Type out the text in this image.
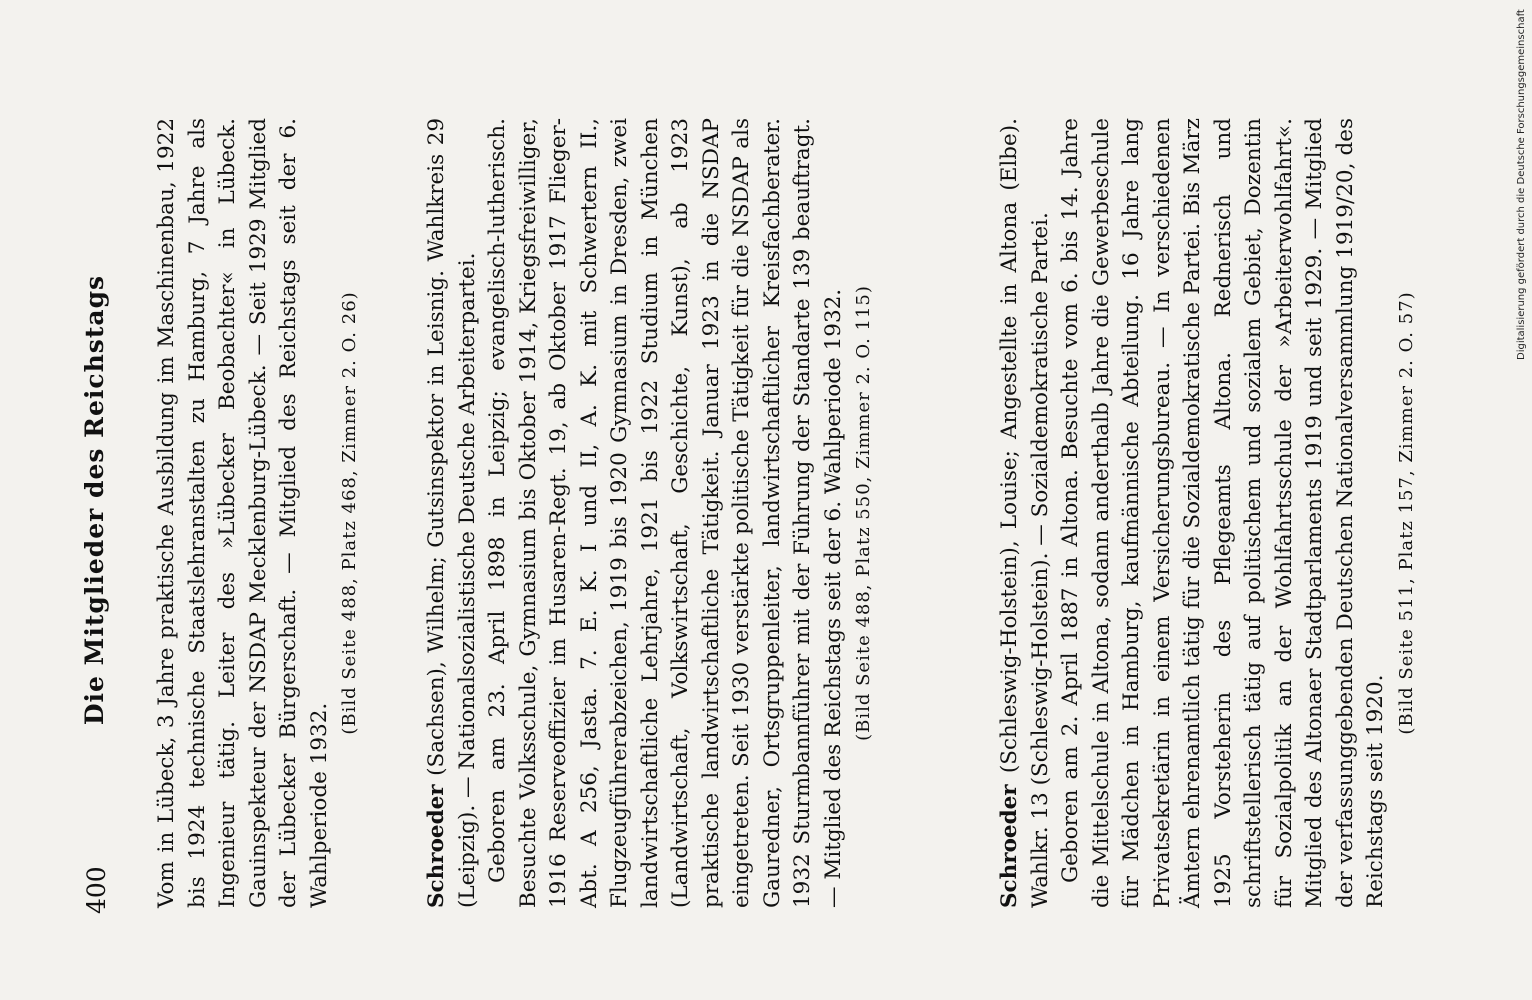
400
Die Mitglieder des Reichstags Vom in Lübeck, 3 Jahre praktische Ausbildung im Maschinenbau, 1922 bis 1924 technische Staatslehranstalten zu Hamburg, 7 Jahre als Ingenieur tätig. Leiter des »Lübecker Beobachter« in Lübeck. Gauinspekteur der NSDAP Mecklenburg-Lübeck. — Seit 1929 Mitglied der Lübecker Bürgerschaft. — Mitglied des Reichstags seit der 6. Wahlperiode 1932.

(Bild Seite 488, Platz 468, Zimmer 2. O. 26)

Schroeder (Sachsen), Wilhelm; Gutsinspektor in Leisnig. Wahlkreis 29 (Leipzig). — Nationalsozialistische Deutsche Arbeiterpartei. Geboren am 23. April 1898 in Leipzig; evangelisch-lutherisch. Besuchte Volksschule, Gymnasium bis Oktober 1914, Kriegsfreiwilliger, 1916 Reserveoffizier im Husaren-Regt. 19, ab Oktober 1917 Flieger-Abt. A 256, Jasta. 7. E. K. I und II, A. K. mit Schwertern II., Flugzeugführerabzeichen, 1919 bis 1920 Gymnasium in Dresden, zwei landwirtschaftliche Lehrjahre, 1921 bis 1922 Studium in München (Landwirtschaft, Volkswirtschaft, Geschichte, Kunst), ab 1923 praktische landwirtschaftliche Tätigkeit. Januar 1923 in die NSDAP eingetreten. Seit 1930 verstärkte politische Tätigkeit für die NSDAP als Gauredner, Ortsgruppenleiter, landwirtschaftlicher Kreisfachberater. 1932 Sturmbannführer mit der Führung der Standarte 139 beauftragt. — Mitglied des Reichstags seit der 6. Wahlperiode 1932. (Bild Seite 488, Platz 550, Zimmer 2. O. 115)

Schroeder (Schleswig-Holstein), Louise; Angestellte in Altona (Elbe). Wahlkr. 13 (Schleswig-Holstein). — Sozialdemokratische Partei. Geboren am 2. April 1887 in Altona. Besuchte vom 6. bis 14. Jahre die Mittelschule in Altona, sodann anderthalb Jahre die Gewerbeschule für Mädchen in Hamburg, kaufmännische Abteilung. 16 Jahre lang Privatsekretärin in einem Versicherungsbureau. — In verschiedenen Ämtern ehrenamtlich tätig für die Sozialdemokratische Partei. Bis März 1925 Vorsteherin des Pflegeamts Altona. Rednerisch und schriftstellerisch tätig auf politischem und sozialem Gebiet, Dozentin für Sozialpolitik an der Wohlfahrtsschule der »Arbeiterwohlfahrt«. Mitglied des Altonaer Stadtparlaments 1919 und seit 1929. — Mitglied der verfassunggebenden Deutschen Nationalversammlung 1919/20, des Reichstags seit 1920.

(Bild Seite 511, Platz 157, Zimmer 2. O. 57)

Digitalisierung gefördert durch die Deutsche Forschungsgemeinschaft
